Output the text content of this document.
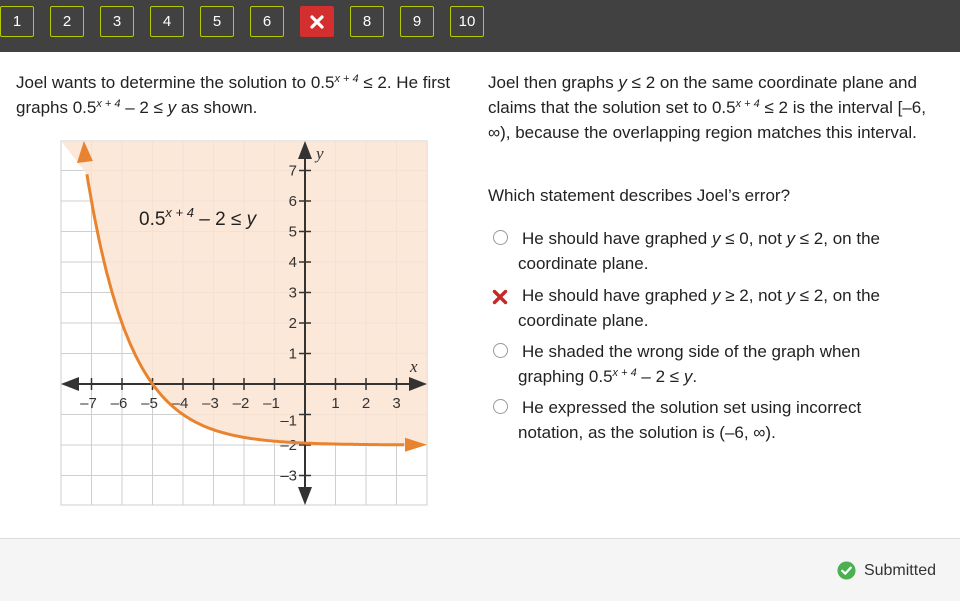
1	2	3	4	5	6	8	9	10
Joel wants to determine the solution to $0.5^{x + 4} \le 2$. He first graphs $0.5^{x + 4} - 2 \le y$ as shown.
–7 –6 –5 –4 –3 –2 –1	1 2 3
7
6
5
4
3
2
1
–1
–2
–3
x
y
$0.5^{x + 4} - 2 \le y$
Joel then graphs y ≤ 2 on the same coordinate plane and claims that the solution set to $0.5^{x + 4} \le 2$ is the interval [–6, ∞), because the overlapping region matches this interval.
Which statement describes Joel’s error?
He should have graphed y ≤ 0, not y ≤ 2, on the coordinate plane.
He should have graphed y ≥ 2, not y ≤ 2, on the coordinate plane.
He shaded the wrong side of the graph when graphing $0.5^{x + 4} - 2 \le y$.
He expressed the solution set using incorrect notation, as the solution is (–6, ∞).
Submitted
